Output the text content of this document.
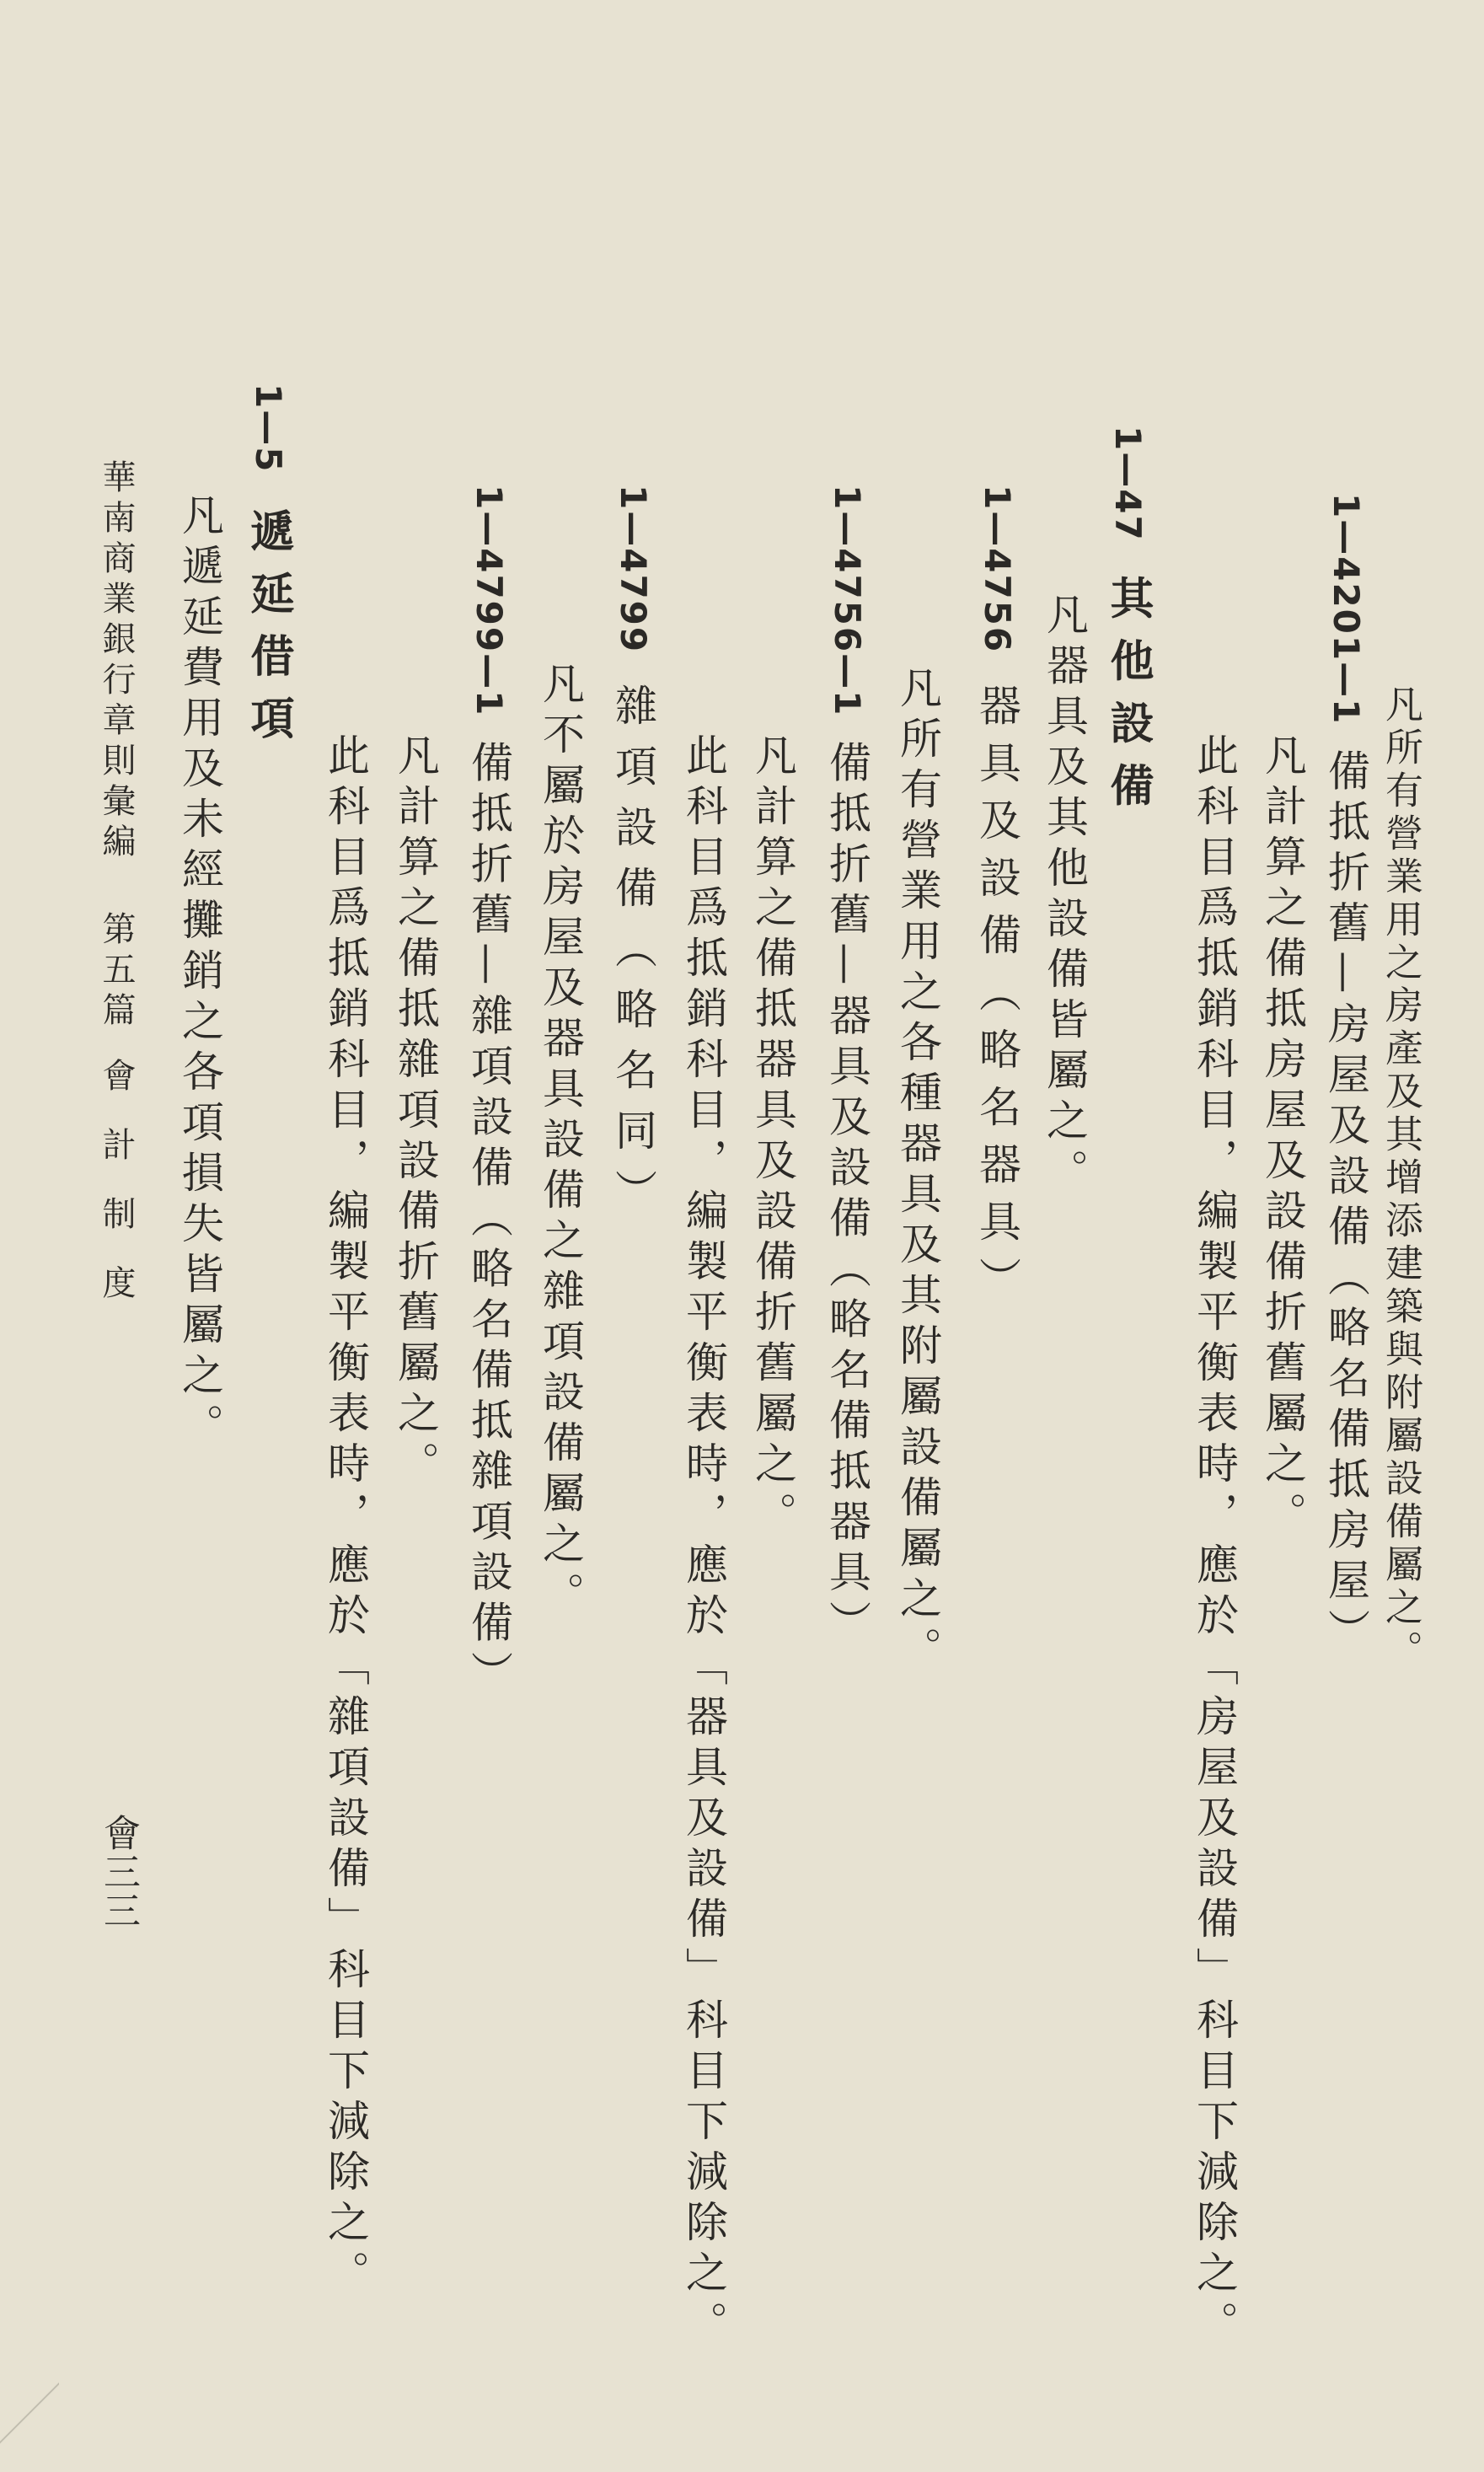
凡所有營業用之房產及其增添建築與附屬設備屬之。
1—4201—1備抵折舊—房屋及設備（略名備抵房屋）
凡計算之備抵房屋及設備折舊屬之。
此科目爲抵銷科目，編製平衡表時，應於「房屋及設備」科目下減除之。
1—47其他設備
凡器具及其他設備皆屬之。
1—4756器具及設備（略名器具）
凡所有營業用之各種器具及其附屬設備屬之。
1—4756—1備抵折舊—器具及設備（略名備抵器具）
凡計算之備抵器具及設備折舊屬之。
此科目爲抵銷科目，編製平衡表時，應於「器具及設備」科目下減除之。
1—4799雜項設備（略名同）
凡不屬於房屋及器具設備之雜項設備屬之。
1—4799—1備抵折舊—雜項設備（略名備抵雜項設備）
凡計算之備抵雜項設備折舊屬之。
此科目爲抵銷科目，編製平衡表時，應於「雜項設備」科目下減除之。
1—5遞延借項
凡遞延費用及未經攤銷之各項損失皆屬之。
華南商業銀行章則彙編第五篇會計制度
會三三
